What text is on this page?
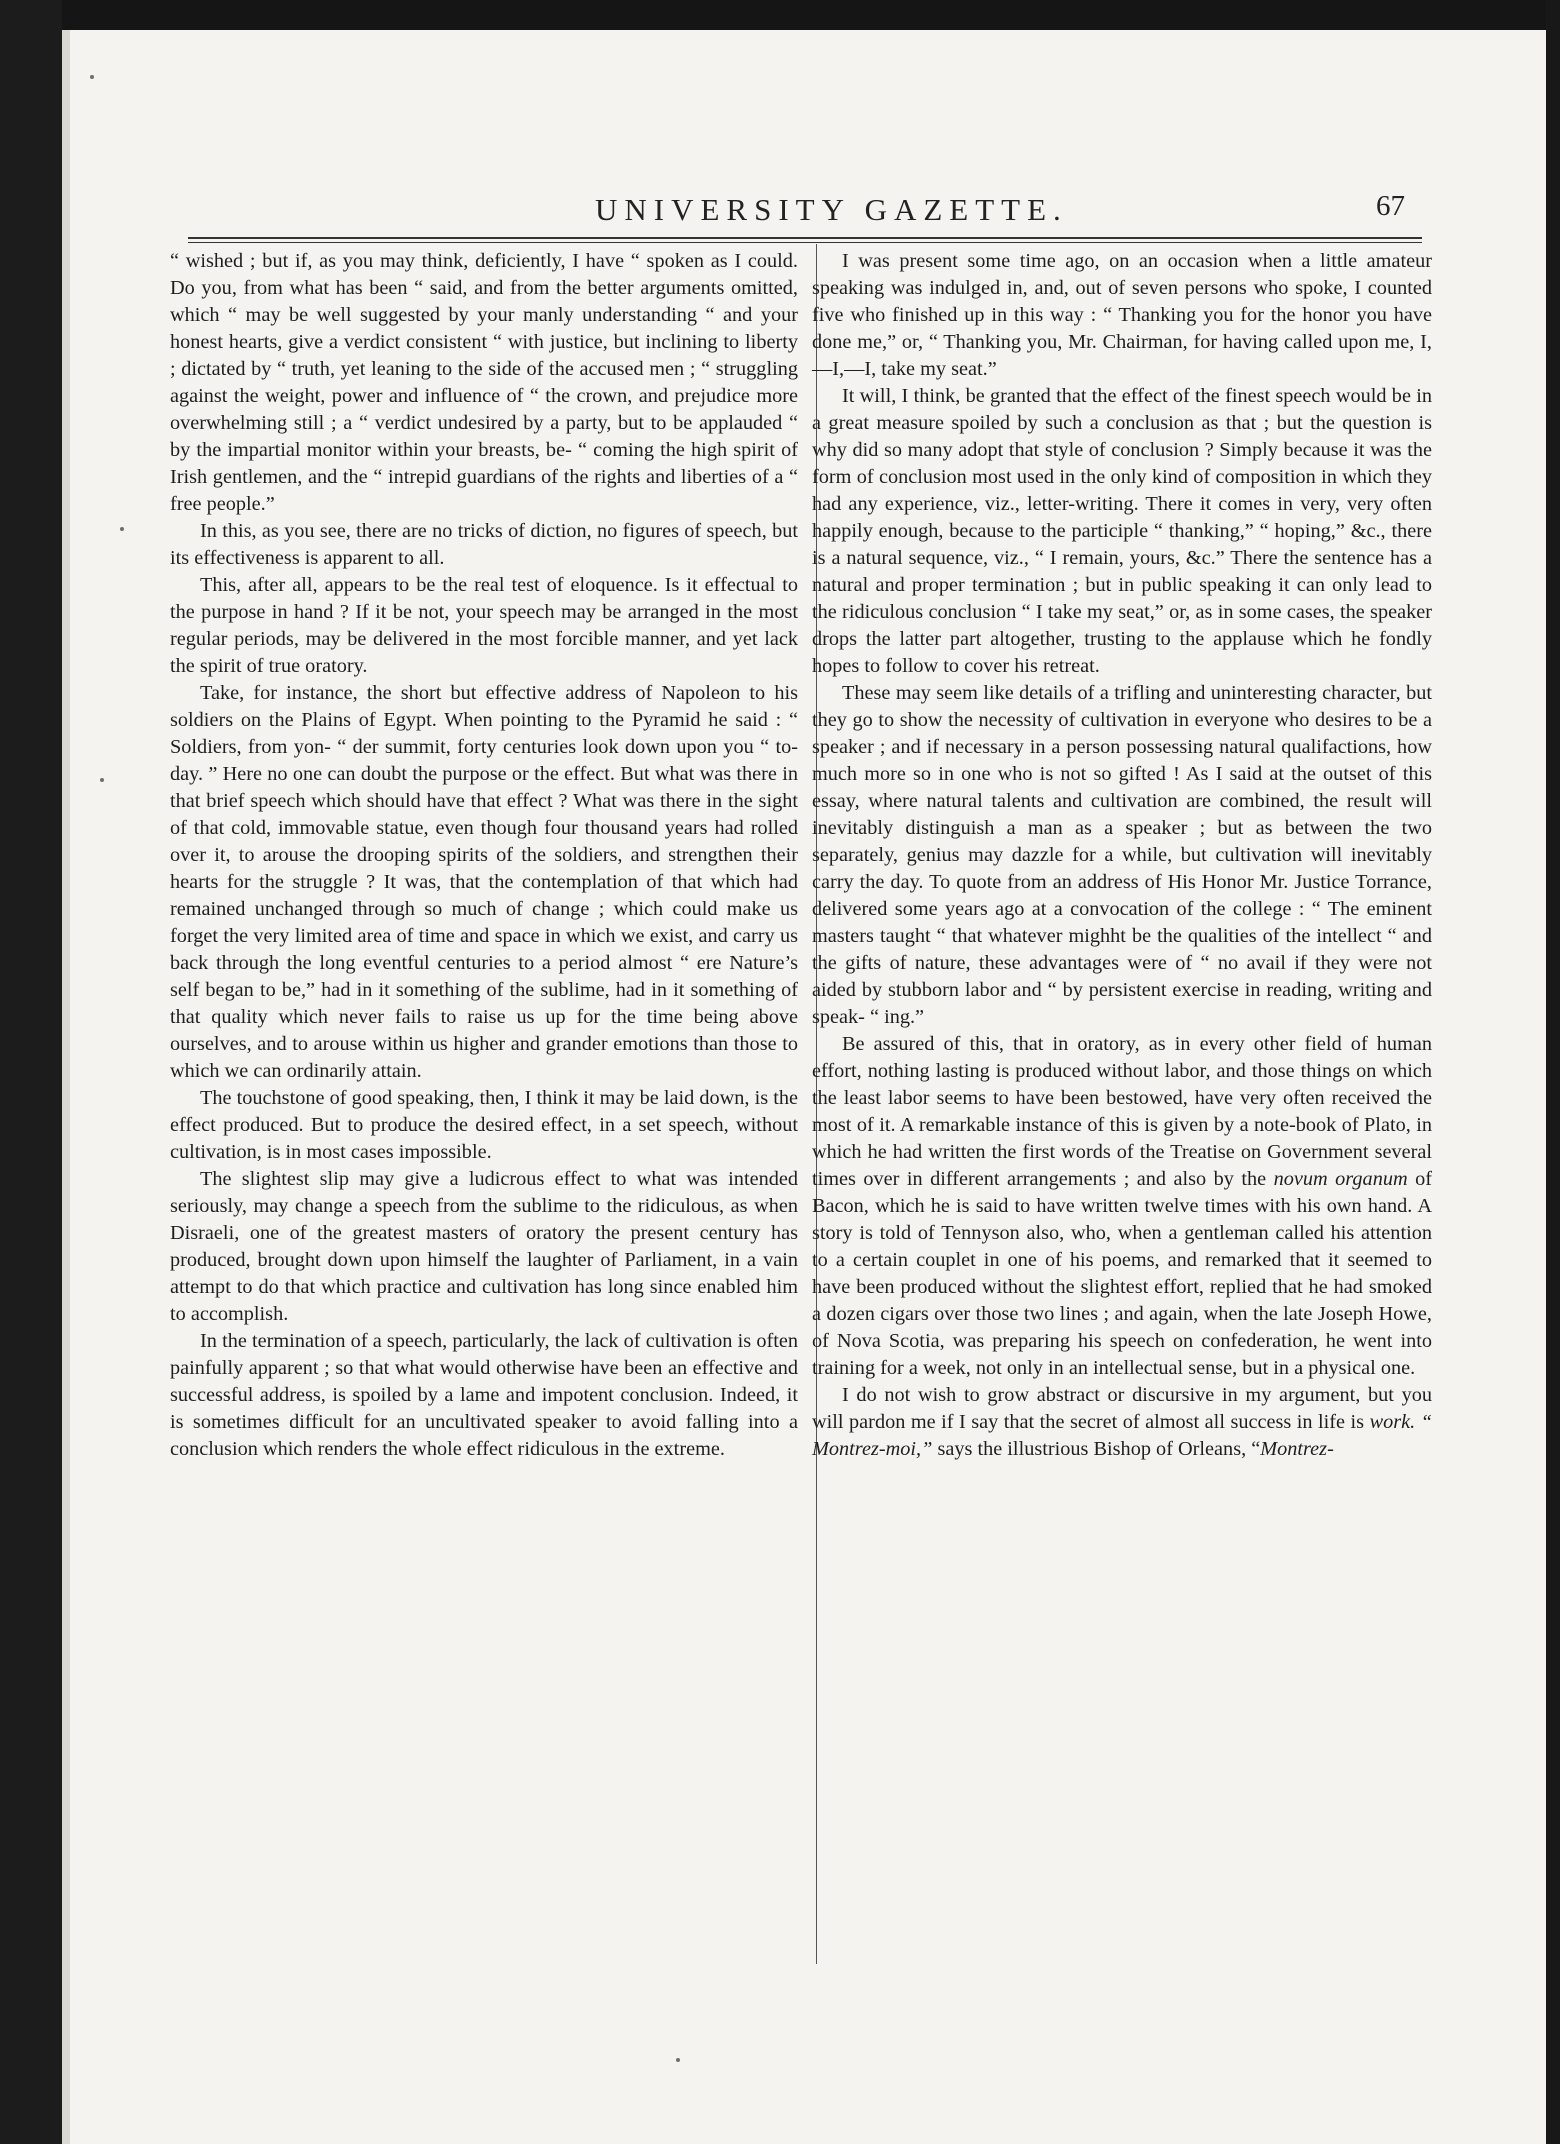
UNIVERSITY GAZETTE.	67

“ wished ; but if, as you may think, deficiently, I have “ spoken as I could. Do you, from what has been “ said, and from the better arguments omitted, which “ may be well suggested by your manly understanding “ and your honest hearts, give a verdict consistent “ with justice, but inclining to liberty ; dictated by “ truth, yet leaning to the side of the accused men ; “ struggling against the weight, power and influence of “ the crown, and prejudice more overwhelming still ; a “ verdict undesired by a party, but to be applauded “ by the impartial monitor within your breasts, be- “ coming the high spirit of Irish gentlemen, and the “ intrepid guardians of the rights and liberties of a “ free people.”

In this, as you see, there are no tricks of diction, no figures of speech, but its effectiveness is apparent to all.

This, after all, appears to be the real test of eloquence. Is it effectual to the purpose in hand ? If it be not, your speech may be arranged in the most regular periods, may be delivered in the most forcible manner, and yet lack the spirit of true oratory.

Take, for instance, the short but effective address of Napoleon to his soldiers on the Plains of Egypt. When pointing to the Pyramid he said : “ Soldiers, from yon- “ der summit, forty centuries look down upon you “ to-day. ” Here no one can doubt the purpose or the effect. But what was there in that brief speech which should have that effect ? What was there in the sight of that cold, immovable statue, even though four thousand years had rolled over it, to arouse the drooping spirits of the soldiers, and strengthen their hearts for the struggle ? It was, that the contemplation of that which had remained unchanged through so much of change ; which could make us forget the very limited area of time and space in which we exist, and carry us back through the long eventful centuries to a period almost “ ere Nature’s self began to be,” had in it something of the sublime, had in it something of that quality which never fails to raise us up for the time being above ourselves, and to arouse within us higher and grander emotions than those to which we can ordinarily attain.

The touchstone of good speaking, then, I think it may be laid down, is the effect produced. But to produce the desired effect, in a set speech, without cultivation, is in most cases impossible.

The slightest slip may give a ludicrous effect to what was intended seriously, may change a speech from the sublime to the ridiculous, as when Disraeli, one of the greatest masters of oratory the present century has produced, brought down upon himself the laughter of Parliament, in a vain attempt to do that which practice and cultivation has long since enabled him to accomplish.

In the termination of a speech, particularly, the lack of cultivation is often painfully apparent ; so that what would otherwise have been an effective and successful address, is spoiled by a lame and impotent conclusion. Indeed, it is sometimes difficult for an uncultivated speaker to avoid falling into a conclusion which renders the whole effect ridiculous in the extreme.

I was present some time ago, on an occasion when a little amateur speaking was indulged in, and, out of seven persons who spoke, I counted five who finished up in this way : “ Thanking you for the honor you have done me,” or, “ Thanking you, Mr. Chairman, for having called upon me, I,—I,—I, take my seat.”

It will, I think, be granted that the effect of the finest speech would be in a great measure spoiled by such a conclusion as that ; but the question is why did so many adopt that style of conclusion ? Simply because it was the form of conclusion most used in the only kind of composition in which they had any experience, viz., letter-writing. There it comes in very, very often happily enough, because to the participle “ thanking,” “ hoping,” &c., there is a natural sequence, viz., “ I remain, yours, &c.” There the sentence has a natural and proper termination ; but in public speaking it can only lead to the ridiculous conclusion “ I take my seat,” or, as in some cases, the speaker drops the latter part altogether, trusting to the applause which he fondly hopes to follow to cover his retreat.

These may seem like details of a trifling and uninteresting character, but they go to show the necessity of cultivation in everyone who desires to be a speaker ; and if necessary in a person possessing natural qualifactions, how much more so in one who is not so gifted ! As I said at the outset of this essay, where natural talents and cultivation are combined, the result will inevitably distinguish a man as a speaker ; but as between the two separately, genius may dazzle for a while, but cultivation will inevitably carry the day. To quote from an address of His Honor Mr. Justice Torrance, delivered some years ago at a convocation of the college : “ The eminent masters taught “ that whatever mighht be the qualities of the intellect “ and the gifts of nature, these advantages were of “ no avail if they were not aided by stubborn labor and “ by persistent exercise in reading, writing and speak- “ ing.”

Be assured of this, that in oratory, as in every other field of human effort, nothing lasting is produced without labor, and those things on which the least labor seems to have been bestowed, have very often received the most of it. A remarkable instance of this is given by a note-book of Plato, in which he had written the first words of the Treatise on Government several times over in different arrangements ; and also by the novum organum of Bacon, which he is said to have written twelve times with his own hand. A story is told of Tennyson also, who, when a gentleman called his attention to a certain couplet in one of his poems, and remarked that it seemed to have been produced without the slightest effort, replied that he had smoked a dozen cigars over those two lines ; and again, when the late Joseph Howe, of Nova Scotia, was preparing his speech on confederation, he went into training for a week, not only in an intellectual sense, but in a physical one.

I do not wish to grow abstract or discursive in my argument, but you will pardon me if I say that the secret of almost all success in life is work. “ Montrez-moi,” says the illustrious Bishop of Orleans, “Montrez-
